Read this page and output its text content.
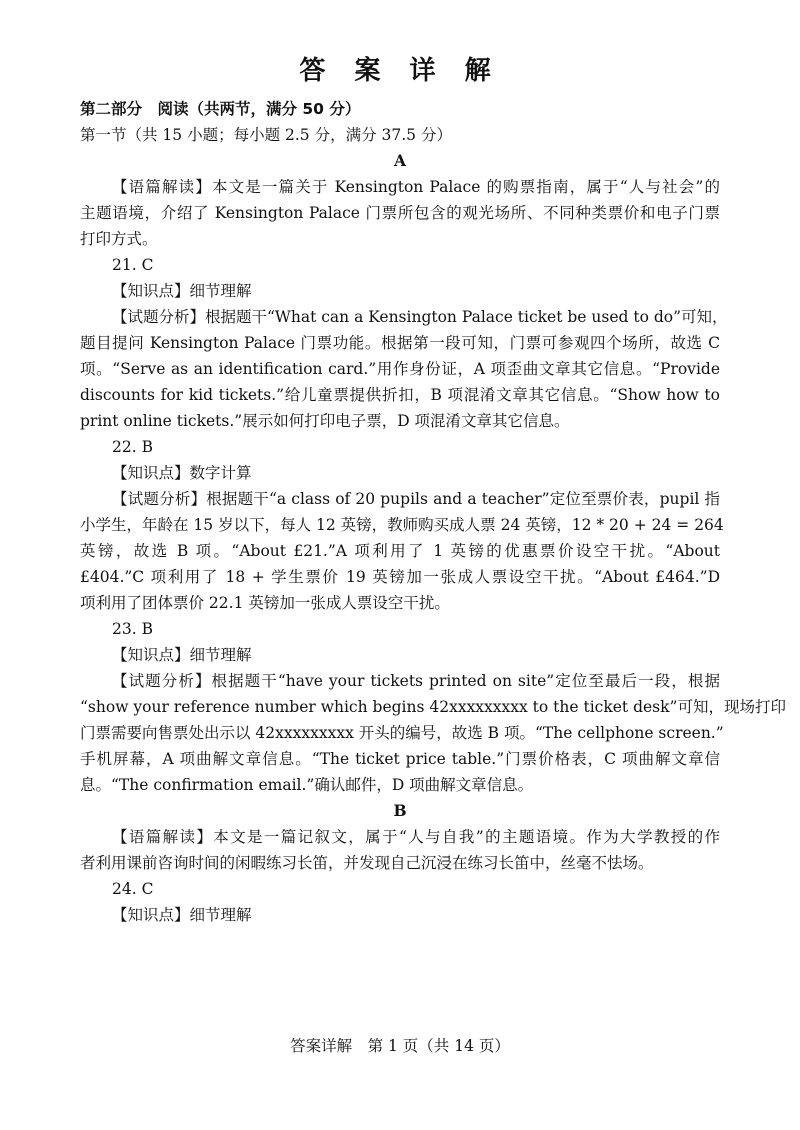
答 案 详 解
第二部分　阅读（共两节，满分 50 分）
第一节（共 15 小题；每小题 2.5 分，满分 37.5 分）
A
【语篇解读】本文是一篇关于 Kensington Palace 的购票指南，属于“人与社会”的
主题语境，介绍了 Kensington Palace 门票所包含的观光场所、不同种类票价和电子门票
打印方式。
21. C
【知识点】细节理解
【试题分析】根据题干“What can a Kensington Palace ticket be used to do”可知，
题目提问 Kensington Palace 门票功能。根据第一段可知，门票可参观四个场所，故选 C
项。“Serve as an identification card.”用作身份证，A 项歪曲文章其它信息。“Provide
discounts for kid tickets.”给儿童票提供折扣，B 项混淆文章其它信息。“Show how to
print online tickets.”展示如何打印电子票，D 项混淆文章其它信息。
22. B
【知识点】数字计算
【试题分析】根据题干“a class of 20 pupils and a teacher”定位至票价表，pupil 指
小学生，年龄在 15 岁以下，每人 12 英镑，教师购买成人票 24 英镑，12 * 20 + 24 = 264
英镑，故选 B 项。“About £21.”A 项利用了 1 英镑的优惠票价设空干扰。“About
£404.”C 项利用了 18 + 学生票价 19 英镑加一张成人票设空干扰。“About £464.”D
项利用了团体票价 22.1 英镑加一张成人票设空干扰。
23. B
【知识点】细节理解
【试题分析】根据题干“have your tickets printed on site”定位至最后一段，根据
“show your reference number which begins 42xxxxxxxxx to the ticket desk”可知，现场打印
门票需要向售票处出示以 42xxxxxxxxx 开头的编号，故选 B 项。“The cellphone screen.”
手机屏幕，A 项曲解文章信息。“The ticket price table.”门票价格表，C 项曲解文章信
息。“The confirmation email.”确认邮件，D 项曲解文章信息。
B
【语篇解读】本文是一篇记叙文，属于“人与自我”的主题语境。作为大学教授的作
者利用课前咨询时间的闲暇练习长笛，并发现自己沉浸在练习长笛中，丝毫不怯场。
24. C
【知识点】细节理解
答案详解　第 1 页（共 14 页）
